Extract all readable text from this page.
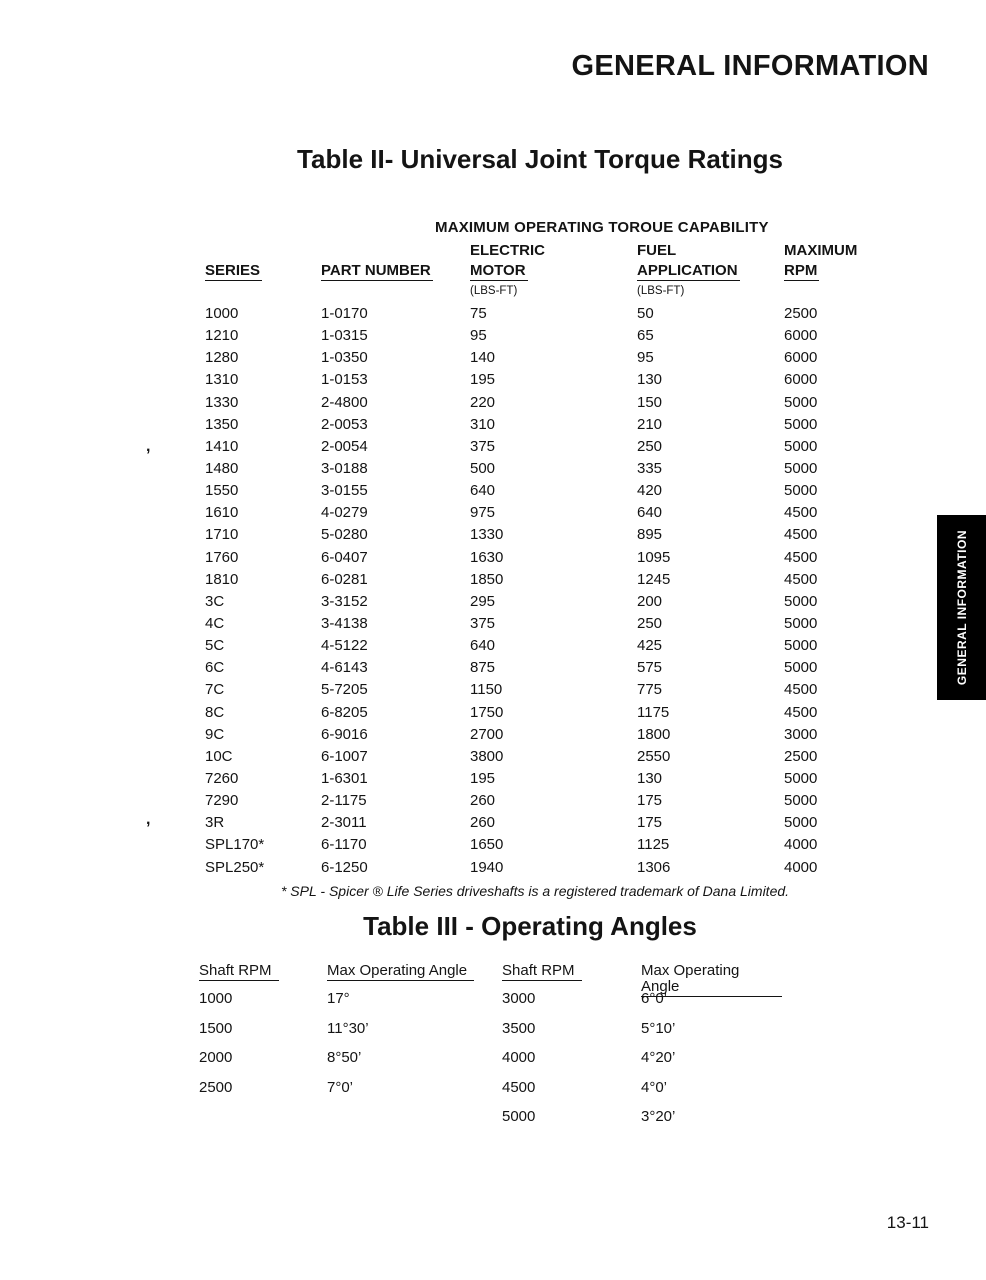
GENERAL INFORMATION
Table II- Universal Joint Torque Ratings
MAXIMUM OPERATING TOROUE CAPABILITY
ELECTRIC	FUEL	MAXIMUM
SERIES	PART NUMBER	MOTOR	APPLICATION	RPM
(LBS-FT)	(LBS-FT)
1000	1-0170	75	50	2500
1210	1-0315	95	65	6000
1280	1-0350	140	95	6000
1310	1-0153	195	130	6000
1330	2-4800	220	150	5000
1350	2-0053	310	210	5000
1410	2-0054	375	250	5000
1480	3-0188	500	335	5000
1550	3-0155	640	420	5000
1610	4-0279	975	640	4500
1710	5-0280	1330	895	4500
1760	6-0407	1630	1095	4500
1810	6-0281	1850	1245	4500
3C	3-3152	295	200	5000
4C	3-4138	375	250	5000
5C	4-5122	640	425	5000
6C	4-6143	875	575	5000
7C	5-7205	1150	775	4500
8C	6-8205	1750	1175	4500
9C	6-9016	2700	1800	3000
10C	6-1007	3800	2550	2500
7260	1-6301	195	130	5000
7290	2-1175	260	175	5000
3R	2-3011	260	175	5000
SPL170*	6-1170	1650	1125	4000
SPL250*	6-1250	1940	1306	4000
* SPL - Spicer ® Life Series driveshafts is a registered trademark of Dana Limited.
Table III - Operating Angles
Shaft RPM	Max Operating Angle	Shaft RPM	Max Operating Angle
1000	17°	3000	6°0’
1500	11°30’	3500	5°10’
2000	8°50’	4000	4°20’
2500	7°0’	4500	4°0’
5000	3°20’
GENERAL INFORMATION
,
,
13-11
